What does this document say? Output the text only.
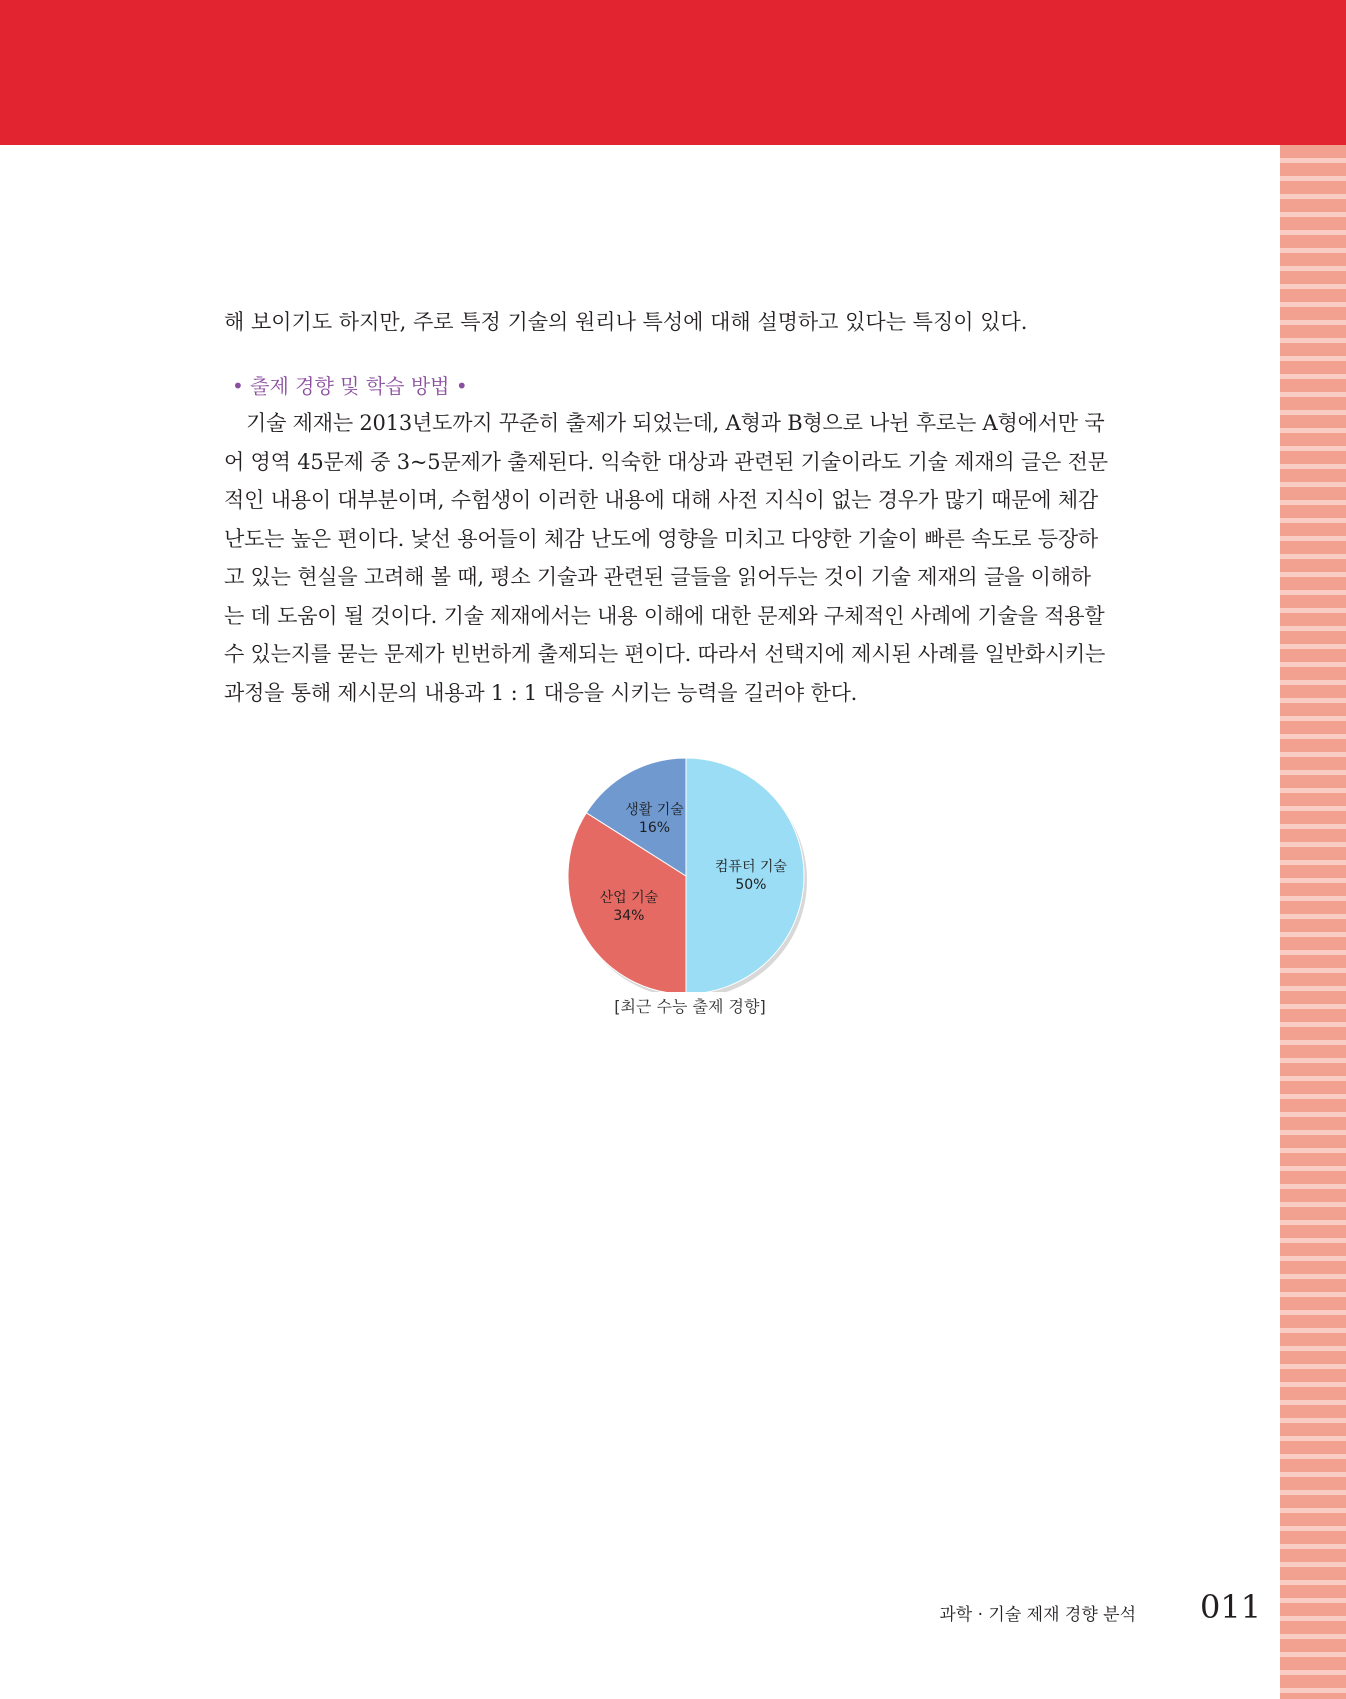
해 보이기도 하지만, 주로 특정 기술의 원리나 특성에 대해 설명하고 있다는 특징이 있다.

• 출제 경향 및 학습 방법 •
기술 제재는 2013년도까지 꾸준히 출제가 되었는데, A형과 B형으로 나뉜 후로는 A형에서만 국
어 영역 45문제 중 3~5문제가 출제된다. 익숙한 대상과 관련된 기술이라도 기술 제재의 글은 전문
적인 내용이 대부분이며, 수험생이 이러한 내용에 대해 사전 지식이 없는 경우가 많기 때문에 체감
난도는 높은 편이다. 낯선 용어들이 체감 난도에 영향을 미치고 다양한 기술이 빠른 속도로 등장하
고 있는 현실을 고려해 볼 때, 평소 기술과 관련된 글들을 읽어두는 것이 기술 제재의 글을 이해하
는 데 도움이 될 것이다. 기술 제재에서는 내용 이해에 대한 문제와 구체적인 사례에 기술을 적용할
수 있는지를 묻는 문제가 빈번하게 출제되는 편이다. 따라서 선택지에 제시된 사례를 일반화시키는
과정을 통해 제시문의 내용과 1 : 1 대응을 시키는 능력을 길러야 한다.
컴퓨터 기술
50%
산업 기술
34%
생활 기술
16%
[최근 수능 출제 경향]
과학 · 기술 제재 경향 분석 011
